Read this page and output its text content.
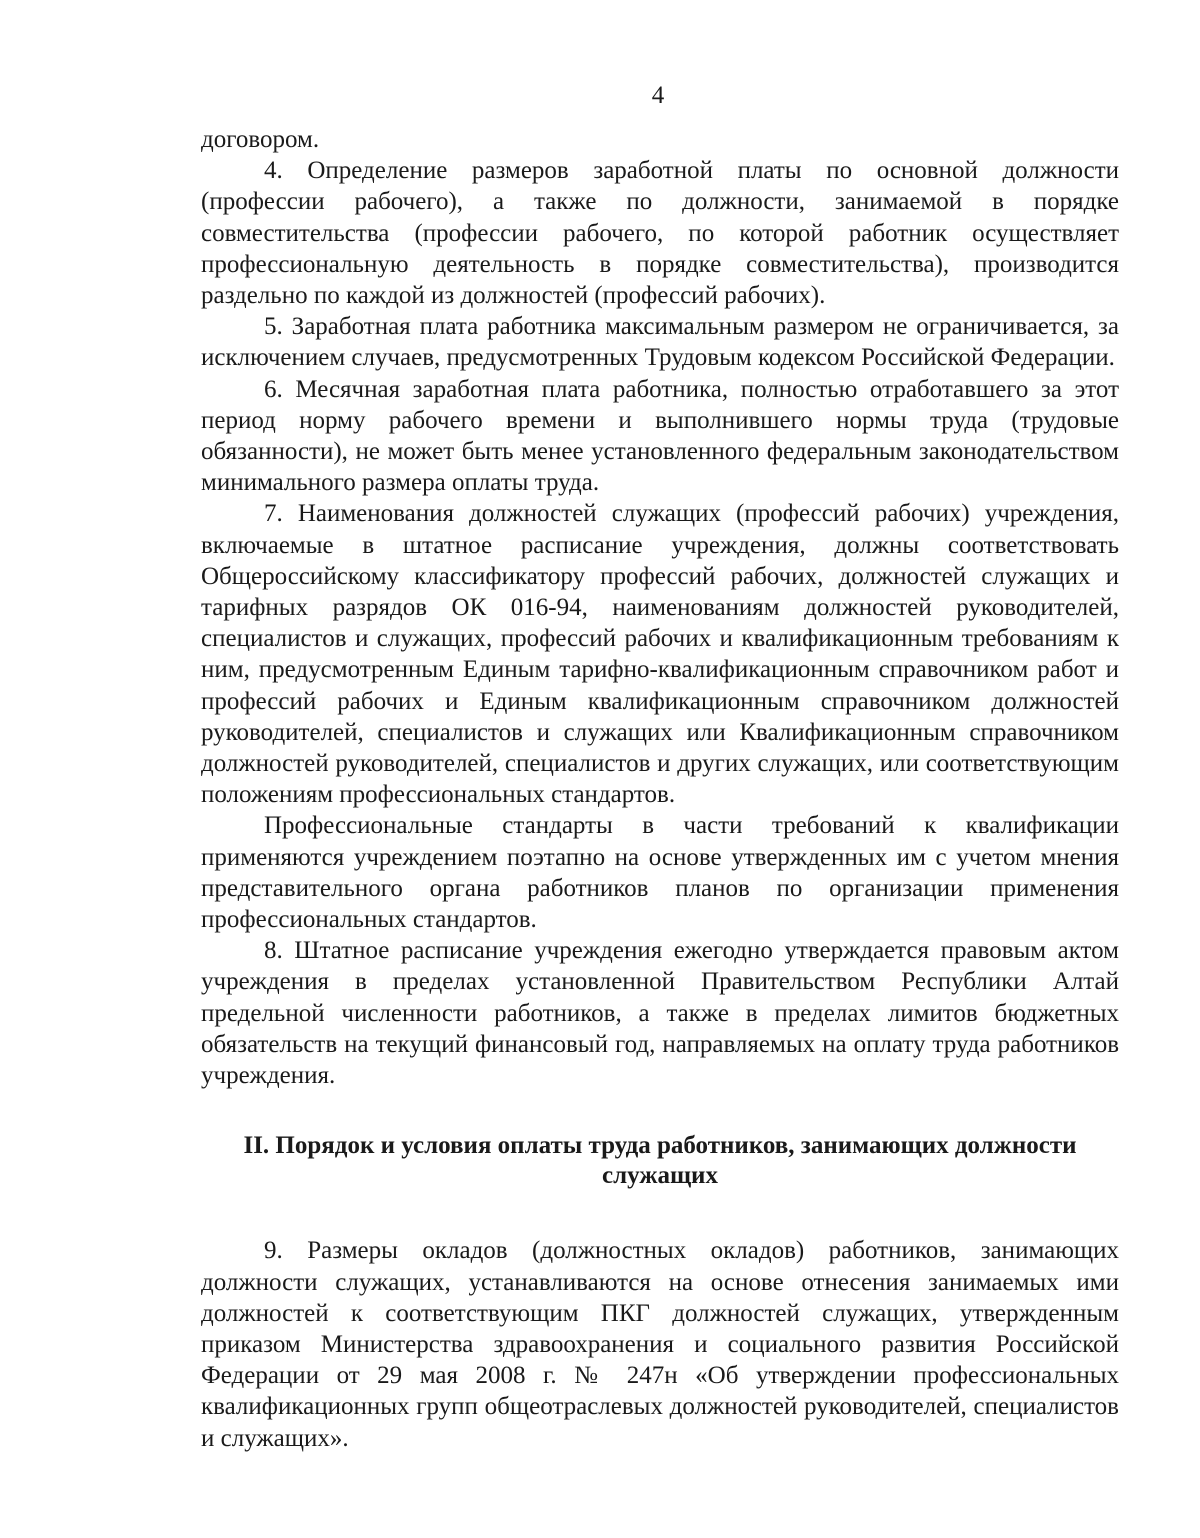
4

договором.

4. Определение размеров заработной платы по основной должности (профессии рабочего), а также по должности, занимаемой в порядке совместительства (профессии рабочего, по которой работник осуществляет профессиональную деятельность в порядке совместительства), производится раздельно по каждой из должностей (профессий рабочих).

5. Заработная плата работника максимальным размером не ограничивается, за исключением случаев, предусмотренных Трудовым кодексом Российской Федерации.

6. Месячная заработная плата работника, полностью отработавшего за этот период норму рабочего времени и выполнившего нормы труда (трудовые обязанности), не может быть менее установленного федеральным законодательством минимального размера оплаты труда.

7. Наименования должностей служащих (профессий рабочих) учреждения, включаемые в штатное расписание учреждения, должны соответствовать Общероссийскому классификатору профессий рабочих, должностей служащих и тарифных разрядов ОК 016-94, наименованиям должностей руководителей, специалистов и служащих, профессий рабочих и квалификационным требованиям к ним, предусмотренным Единым тарифно-квалификационным справочником работ и профессий рабочих и Единым квалификационным справочником должностей руководителей, специалистов и служащих или Квалификационным справочником должностей руководителей, специалистов и других служащих, или соответствующим положениям профессиональных стандартов.

Профессиональные стандарты в части требований к квалификации применяются учреждением поэтапно на основе утвержденных им с учетом мнения представительного органа работников планов по организации применения профессиональных стандартов.

8. Штатное расписание учреждения ежегодно утверждается правовым актом учреждения в пределах установленной Правительством Республики Алтай предельной численности работников, а также в пределах лимитов бюджетных обязательств на текущий финансовый год, направляемых на оплату труда работников учреждения.

II. Порядок и условия оплаты труда работников, занимающих должности служащих

9. Размеры окладов (должностных окладов) работников, занимающих должности служащих, устанавливаются на основе отнесения занимаемых ими должностей к соответствующим ПКГ должностей служащих, утвержденным приказом Министерства здравоохранения и социального развития Российской Федерации от 29 мая 2008 г. № 247н «Об утверждении профессиональных квалификационных групп общеотраслевых должностей руководителей, специалистов и служащих».
